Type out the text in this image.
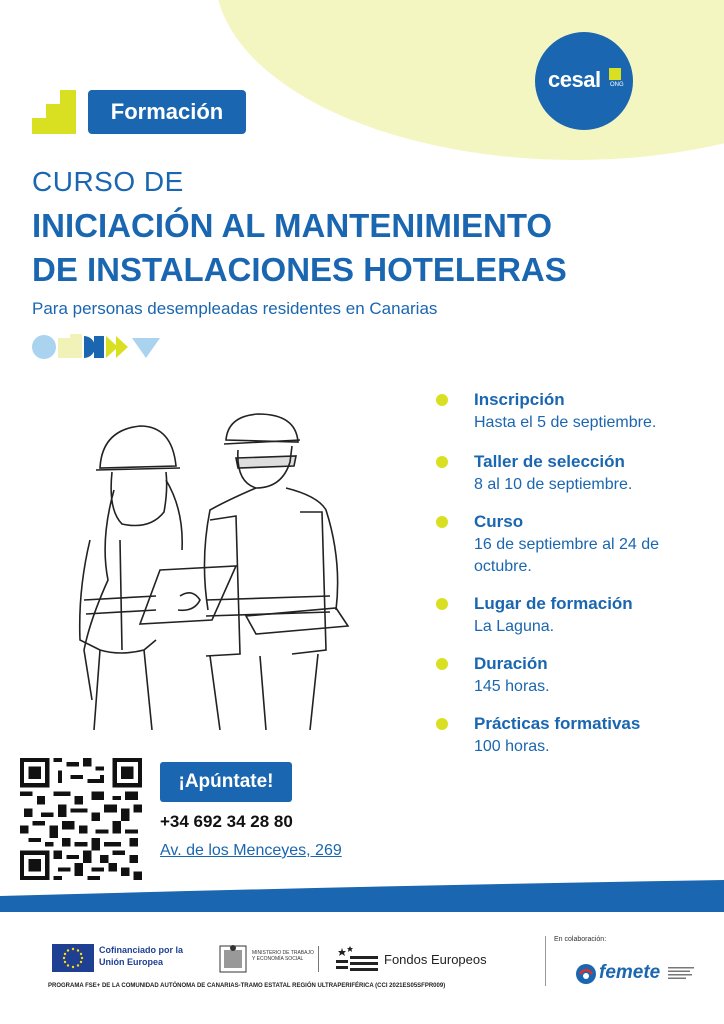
Formación
cesal ONG
CURSO DE
INICIACIÓN AL MANTENIMIENTO
DE INSTALACIONES HOTELERAS
Para personas desempleadas residentes en Canarias
Inscripción
Hasta el 5 de septiembre.
Taller de selección
8 al 10 de septiembre.
Curso
16 de septiembre al 24 de octubre.
Lugar de formación
La Laguna.
Duración
145 horas.
Prácticas formativas
100 horas.
¡Apúntate!
+34 692 34 28 80
Av. de los Menceyes, 269
Cofinanciado por la Unión Europea
MINISTERIO DE TRABAJO Y ECONOMÍA SOCIAL	Fondos Europeos
En colaboración:
femete
PROGRAMA FSE+ DE LA COMUNIDAD AUTÓNOMA DE CANARIAS-TRAMO ESTATAL REGIÓN ULTRAPERIFÉRICA (CCI 2021ES05SFPR009)
